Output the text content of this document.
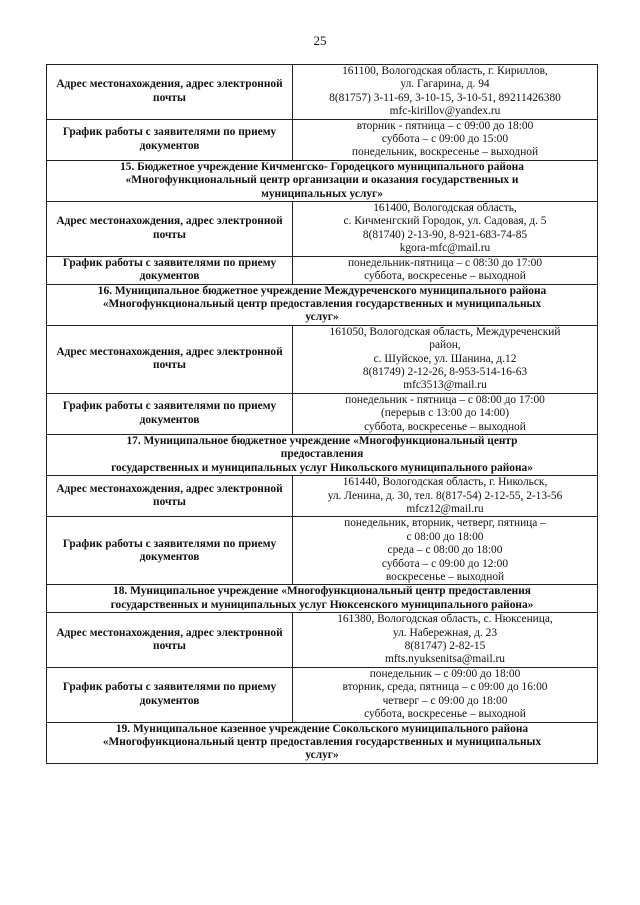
25
Адрес местонахождения, адрес электронной почты	161100, Вологодская область, г. Кириллов,
ул. Гагарина, д. 94
8(81757) 3-11-69, 3-10-15, 3-10-51, 89211426380
mfc-kirillov@yandex.ru

График работы с заявителями по приему документов	вторник - пятница – с 09:00 до 18:00
суббота – с 09:00 до 15:00
понедельник, воскресенье – выходной

15. Бюджетное учреждение Кичменгско- Городецкого муниципального района
«Многофункциональный центр организации и оказания государственных и
муниципальных услуг»	

Адрес местонахождения, адрес электронной почты	161400, Вологодская область,
с. Кичменгский Городок, ул. Садовая, д. 5
8(81740) 2-13-90, 8-921-683-74-85
kgora-mfc@mail.ru

График работы с заявителями по приему документов	понедельник-пятница – с 08:30 до 17:00
суббота, воскресенье – выходной

16. Муниципальное бюджетное учреждение Междуреченского муниципального района
«Многофункциональный центр предоставления государственных и муниципальных
услуг»	

Адрес местонахождения, адрес электронной почты	161050, Вологодская область, Междуреченский
район,
с. Шуйское, ул. Шанина, д.12
8(81749) 2-12-26, 8-953-514-16-63
mfc3513@mail.ru

График работы с заявителями по приему документов	понедельник - пятница – с 08:00 до 17:00
(перерыв с 13:00 до 14:00)
суббота, воскресенье – выходной

17. Муниципальное бюджетное учреждение «Многофункциональный центр
предоставления
государственных и муниципальных услуг Никольского муниципального района»	

Адрес местонахождения, адрес электронной почты	161440, Вологодская область, г. Никольск,
ул. Ленина, д. 30, тел. 8(817-54) 2-12-55, 2-13-56
mfcz12@mail.ru

График работы с заявителями по приему документов	понедельник, вторник, четверг, пятница –
с 08:00 до 18:00
среда – с 08:00 до 18:00
суббота – с 09:00 до 12:00
воскресенье – выходной

18. Муниципальное учреждение «Многофункциональный центр предоставления
государственных и муниципальных услуг Нюксенского муниципального района»	

Адрес местонахождения, адрес электронной почты	161380, Вологодская область, с. Нюксеница,
ул. Набережная, д. 23
8(81747) 2-82-15
mfts.nyuksenitsa@mail.ru

График работы с заявителями по приему документов	понедельник – с 09:00 до 18:00
вторник, среда, пятница – с 09:00 до 16:00
четверг – с 09:00 до 18:00
суббота, воскресенье – выходной

19. Муниципальное казенное учреждение Сокольского муниципального района
«Многофункциональный центр предоставления государственных и муниципальных
услуг»	
